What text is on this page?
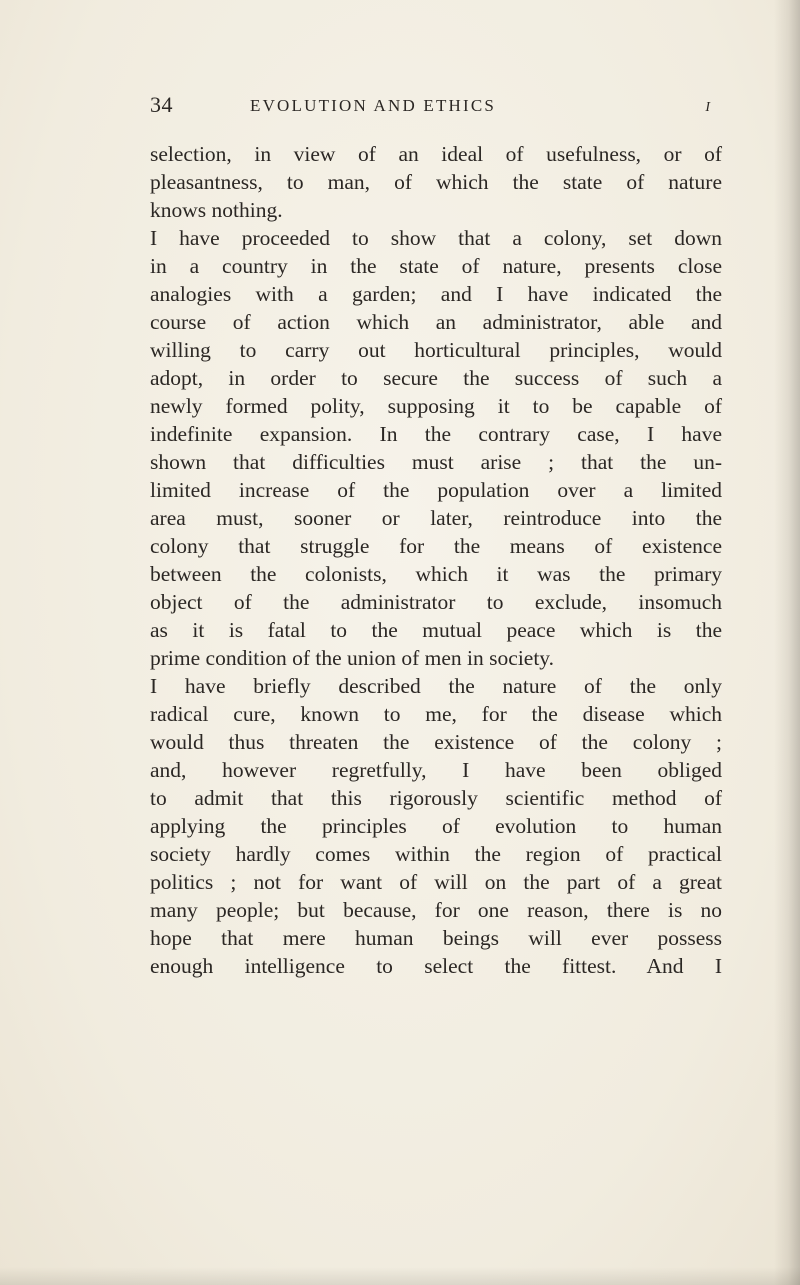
34	EVOLUTION AND ETHICS	I
selection, in view of an ideal of usefulness, or of
pleasantness, to man, of which the state of nature
knows nothing.
I have proceeded to show that a colony, set down
in a country in the state of nature, presents close
analogies with a garden; and I have indicated the
course of action which an administrator, able and
willing to carry out horticultural principles, would
adopt, in order to secure the success of such a
newly formed polity, supposing it to be capable of
indefinite expansion. In the contrary case, I have
shown that difficulties must arise ; that the un-
limited increase of the population over a limited
area must, sooner or later, reintroduce into the
colony that struggle for the means of existence
between the colonists, which it was the primary
object of the administrator to exclude, insomuch
as it is fatal to the mutual peace which is the
prime condition of the union of men in society.
I have briefly described the nature of the only
radical cure, known to me, for the disease which
would thus threaten the existence of the colony ;
and, however regretfully, I have been obliged
to admit that this rigorously scientific method of
applying the principles of evolution to human
society hardly comes within the region of practical
politics ; not for want of will on the part of a great
many people; but because, for one reason, there is no
hope that mere human beings will ever possess
enough intelligence to select the fittest. And I
